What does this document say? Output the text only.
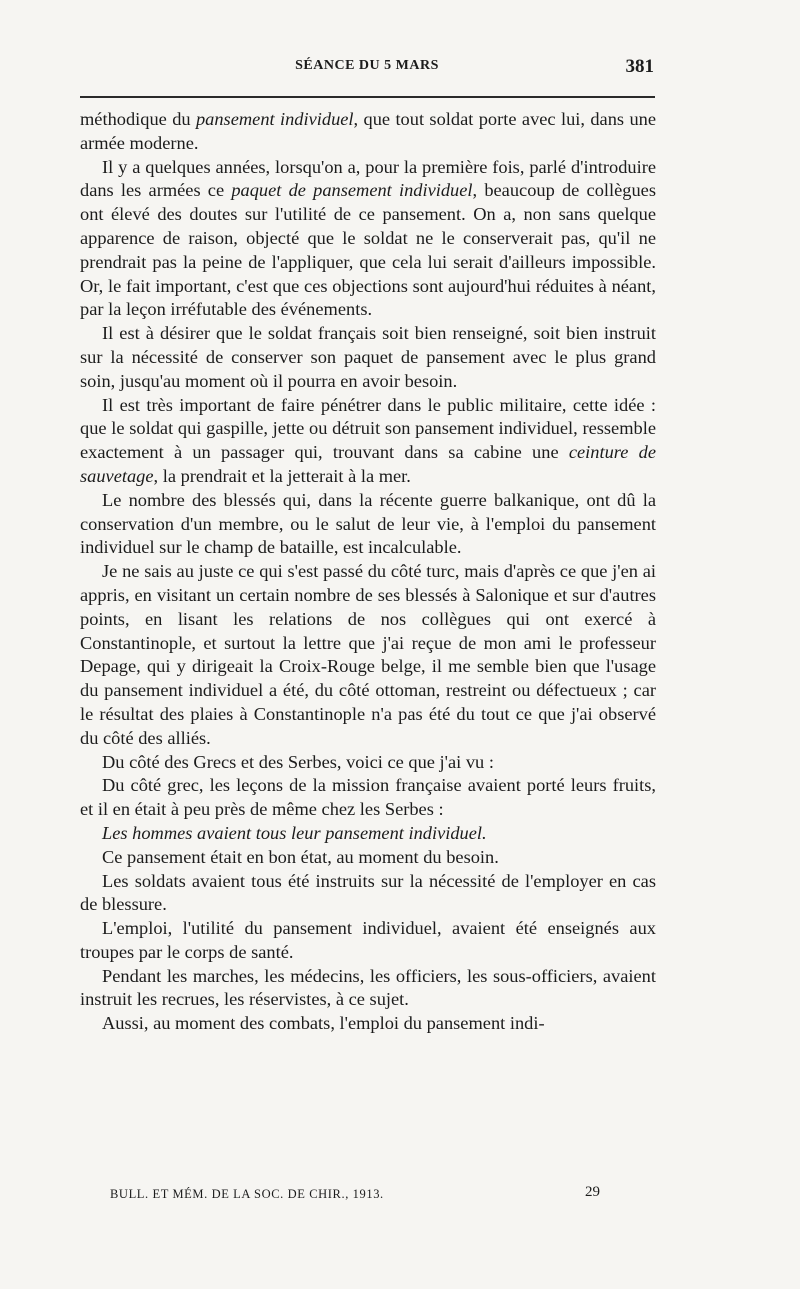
SÉANCE DU 5 MARS	381

méthodique du pansement individuel, que tout soldat porte avec lui, dans une armée moderne.

Il y a quelques années, lorsqu'on a, pour la première fois, parlé d'introduire dans les armées ce paquet de pansement individuel, beaucoup de collègues ont élevé des doutes sur l'utilité de ce pansement. On a, non sans quelque apparence de raison, objecté que le soldat ne le conserverait pas, qu'il ne prendrait pas la peine de l'appliquer, que cela lui serait d'ailleurs impossible. Or, le fait important, c'est que ces objections sont aujourd'hui réduites à néant, par la leçon irréfutable des événements.

Il est à désirer que le soldat français soit bien renseigné, soit bien instruit sur la nécessité de conserver son paquet de pansement avec le plus grand soin, jusqu'au moment où il pourra en avoir besoin.

Il est très important de faire pénétrer dans le public militaire, cette idée : que le soldat qui gaspille, jette ou détruit son pansement individuel, ressemble exactement à un passager qui, trouvant dans sa cabine une ceinture de sauvetage, la prendrait et la jetterait à la mer.

Le nombre des blessés qui, dans la récente guerre balkanique, ont dû la conservation d'un membre, ou le salut de leur vie, à l'emploi du pansement individuel sur le champ de bataille, est incalculable.

Je ne sais au juste ce qui s'est passé du côté turc, mais d'après ce que j'en ai appris, en visitant un certain nombre de ses blessés à Salonique et sur d'autres points, en lisant les relations de nos collègues qui ont exercé à Constantinople, et surtout la lettre que j'ai reçue de mon ami le professeur Depage, qui y dirigeait la Croix-Rouge belge, il me semble bien que l'usage du pansement individuel a été, du côté ottoman, restreint ou défectueux ; car le résultat des plaies à Constantinople n'a pas été du tout ce que j'ai observé du côté des alliés.

Du côté des Grecs et des Serbes, voici ce que j'ai vu :

Du côté grec, les leçons de la mission française avaient porté leurs fruits, et il en était à peu près de même chez les Serbes :

Les hommes avaient tous leur pansement individuel.

Ce pansement était en bon état, au moment du besoin.

Les soldats avaient tous été instruits sur la nécessité de l'employer en cas de blessure.

L'emploi, l'utilité du pansement individuel, avaient été enseignés aux troupes par le corps de santé.

Pendant les marches, les médecins, les officiers, les sous-officiers, avaient instruit les recrues, les réservistes, à ce sujet.

Aussi, au moment des combats, l'emploi du pansement indi-

BULL. ET MÉM. DE LA SOC. DE CHIR., 1913.	29
